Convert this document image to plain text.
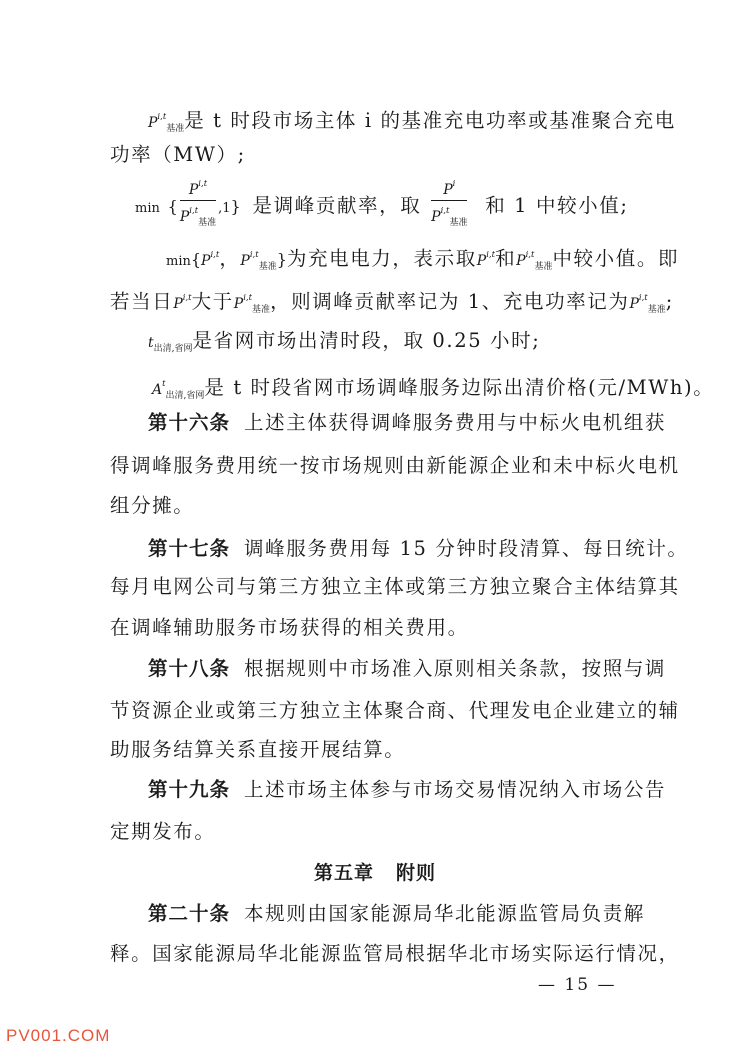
P$^{i,t}_{基准}$是 t 时段市场主体 i 的基准充电功率或基准聚合充电
功率（MW）;
min { $\frac{P^{i,t}}{P^{i,t}_{基准}} ,1$} 是调峰贡献率，取 $\frac{P^i}{P^{i,t}_{基准}}$ 和 1 中较小值;
$\min\{P^{i,t}$，P$^{i,t}_{基准}$}为充电电力，表示取P$^{i,t}$和P$^{i,t}_{基准}$中较小值。即
若当日P$^{i,t}$大于P$^{i,t}_{基准}$，则调峰贡献率记为 1、充电功率记为P$^{i,t}_{基准}$;
$t_{出清,省网}$是省网市场出清时段，取 0.25 小时;
$A^t_{出清,省网}$是 t 时段省网市场调峰服务边际出清价格(元/MWh)。
第十六条 上述主体获得调峰服务费用与中标火电机组获
得调峰服务费用统一按市场规则由新能源企业和未中标火电机
组分摊。
第十七条 调峰服务费用每 15 分钟时段清算、每日统计。
每月电网公司与第三方独立主体或第三方独立聚合主体结算其
在调峰辅助服务市场获得的相关费用。
第十八条 根据规则中市场准入原则相关条款，按照与调
节资源企业或第三方独立主体聚合商、代理发电企业建立的辅
助服务结算关系直接开展结算。
第十九条 上述市场主体参与市场交易情况纳入市场公告
定期发布。
第五章 附则
第二十条 本规则由国家能源局华北能源监管局负责解
释。国家能源局华北能源监管局根据华北市场实际运行情况，
— 15 —
PV001.COM
